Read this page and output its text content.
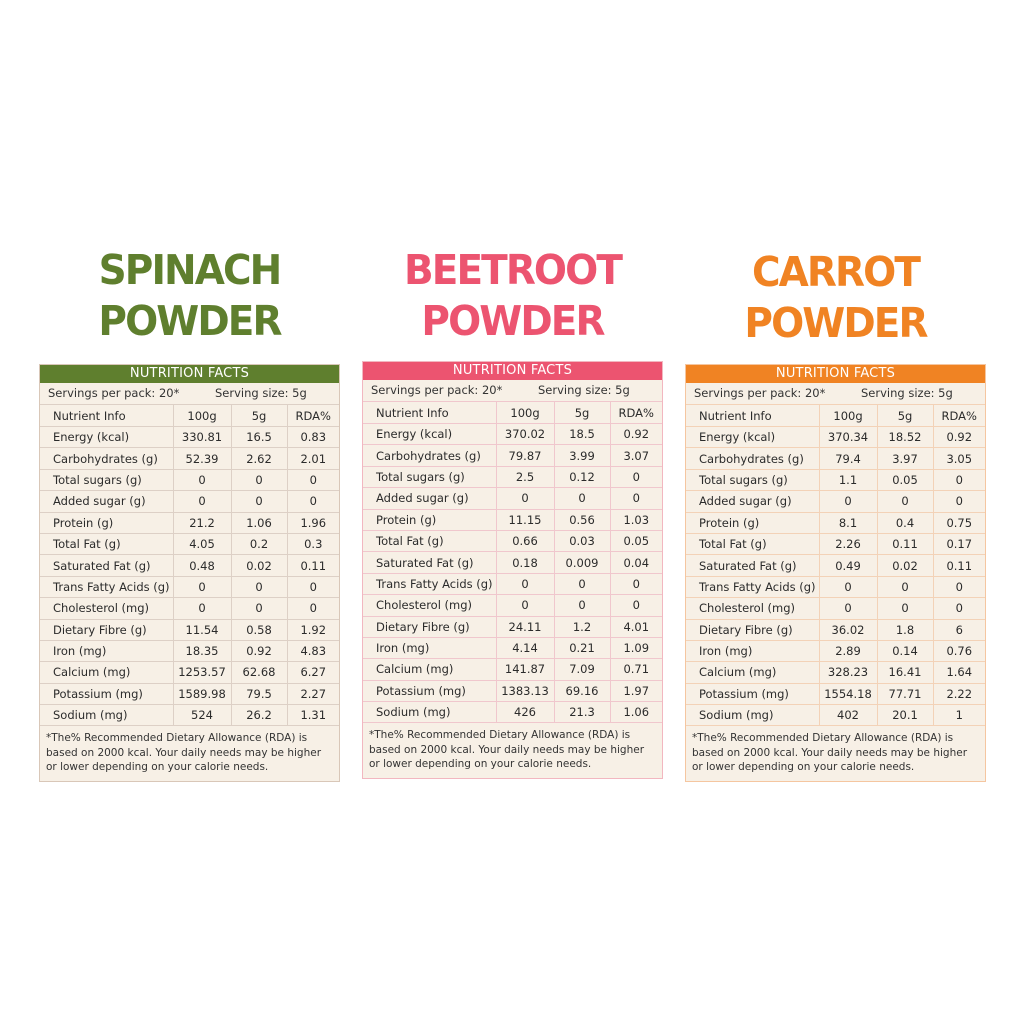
SPINACH
POWDER
NUTRITION FACTS
Servings per pack: 20*	Serving size: 5g
Nutrient Info	100g	5g	RDA%
Energy (kcal)	330.81	16.5	0.83
Carbohydrates (g)	52.39	2.62	2.01
Total sugars (g)	0	0	0
Added sugar (g)	0	0	0
Protein (g)	21.2	1.06	1.96
Total Fat (g)	4.05	0.2	0.3
Saturated Fat (g)	0.48	0.02	0.11
Trans Fatty Acids (g)	0	0	0
Cholesterol (mg)	0	0	0
Dietary Fibre (g)	11.54	0.58	1.92
Iron (mg)	18.35	0.92	4.83
Calcium (mg)	1253.57	62.68	6.27
Potassium (mg)	1589.98	79.5	2.27
Sodium (mg)	524	26.2	1.31
*The% Recommended Dietary Allowance (RDA) is based on 2000 kcal. Your daily needs may be higher or lower depending on your calorie needs.
BEETROOT
POWDER
NUTRITION FACTS
Servings per pack: 20*	Serving size: 5g
Nutrient Info	100g	5g	RDA%
Energy (kcal)	370.02	18.5	0.92
Carbohydrates (g)	79.87	3.99	3.07
Total sugars (g)	2.5	0.12	0
Added sugar (g)	0	0	0
Protein (g)	11.15	0.56	1.03
Total Fat (g)	0.66	0.03	0.05
Saturated Fat (g)	0.18	0.009	0.04
Trans Fatty Acids (g)	0	0	0
Cholesterol (mg)	0	0	0
Dietary Fibre (g)	24.11	1.2	4.01
Iron (mg)	4.14	0.21	1.09
Calcium (mg)	141.87	7.09	0.71
Potassium (mg)	1383.13	69.16	1.97
Sodium (mg)	426	21.3	1.06
*The% Recommended Dietary Allowance (RDA) is based on 2000 kcal. Your daily needs may be higher or lower depending on your calorie needs.
CARROT
POWDER
NUTRITION FACTS
Servings per pack: 20*	Serving size: 5g
Nutrient Info	100g	5g	RDA%
Energy (kcal)	370.34	18.52	0.92
Carbohydrates (g)	79.4	3.97	3.05
Total sugars (g)	1.1	0.05	0
Added sugar (g)	0	0	0
Protein (g)	8.1	0.4	0.75
Total Fat (g)	2.26	0.11	0.17
Saturated Fat (g)	0.49	0.02	0.11
Trans Fatty Acids (g)	0	0	0
Cholesterol (mg)	0	0	0
Dietary Fibre (g)	36.02	1.8	6
Iron (mg)	2.89	0.14	0.76
Calcium (mg)	328.23	16.41	1.64
Potassium (mg)	1554.18	77.71	2.22
Sodium (mg)	402	20.1	1
*The% Recommended Dietary Allowance (RDA) is based on 2000 kcal. Your daily needs may be higher or lower depending on your calorie needs.
